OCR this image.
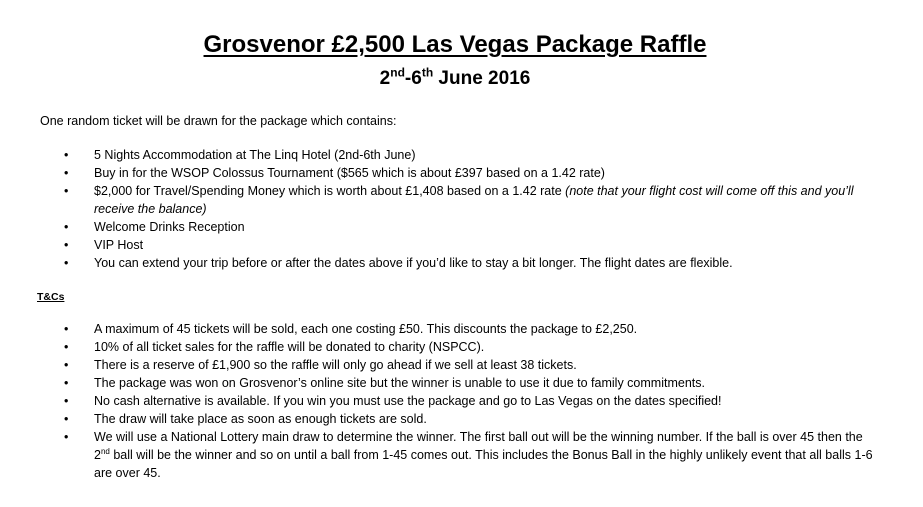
Grosvenor £2,500 Las Vegas Package Raffle
2nd-6th June 2016
One random ticket will be drawn for the package which contains:
• 5 Nights Accommodation at The Linq Hotel (2nd-6th June)
• Buy in for the WSOP Colossus Tournament ($565 which is about £397 based on a 1.42 rate)
• $2,000 for Travel/Spending Money which is worth about £1,408 based on a 1.42 rate (note that your flight cost will come off this and you’ll receive the balance)
• Welcome Drinks Reception
• VIP Host
• You can extend your trip before or after the dates above if you’d like to stay a bit longer. The flight dates are flexible.
T&Cs
• A maximum of 45 tickets will be sold, each one costing £50. This discounts the package to £2,250.
• 10% of all ticket sales for the raffle will be donated to charity (NSPCC).
• There is a reserve of £1,900 so the raffle will only go ahead if we sell at least 38 tickets.
• The package was won on Grosvenor’s online site but the winner is unable to use it due to family commitments.
• No cash alternative is available. If you win you must use the package and go to Las Vegas on the dates specified!
• The draw will take place as soon as enough tickets are sold.
• We will use a National Lottery main draw to determine the winner. The first ball out will be the winning number. If the ball is over 45 then the 2nd ball will be the winner and so on until a ball from 1-45 comes out. This includes the Bonus Ball in the highly unlikely event that all balls 1-6 are over 45.
